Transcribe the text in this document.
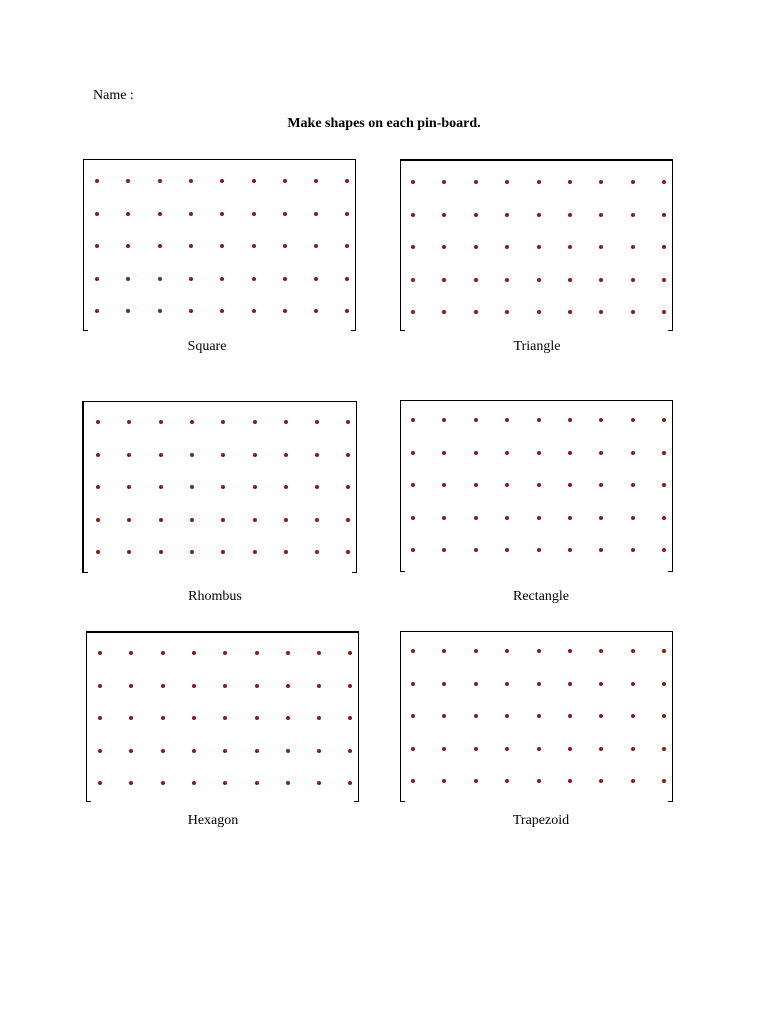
Name :
Make shapes on each pin-board.
Square	Triangle
Rhombus	Rectangle
Hexagon	Trapezoid
